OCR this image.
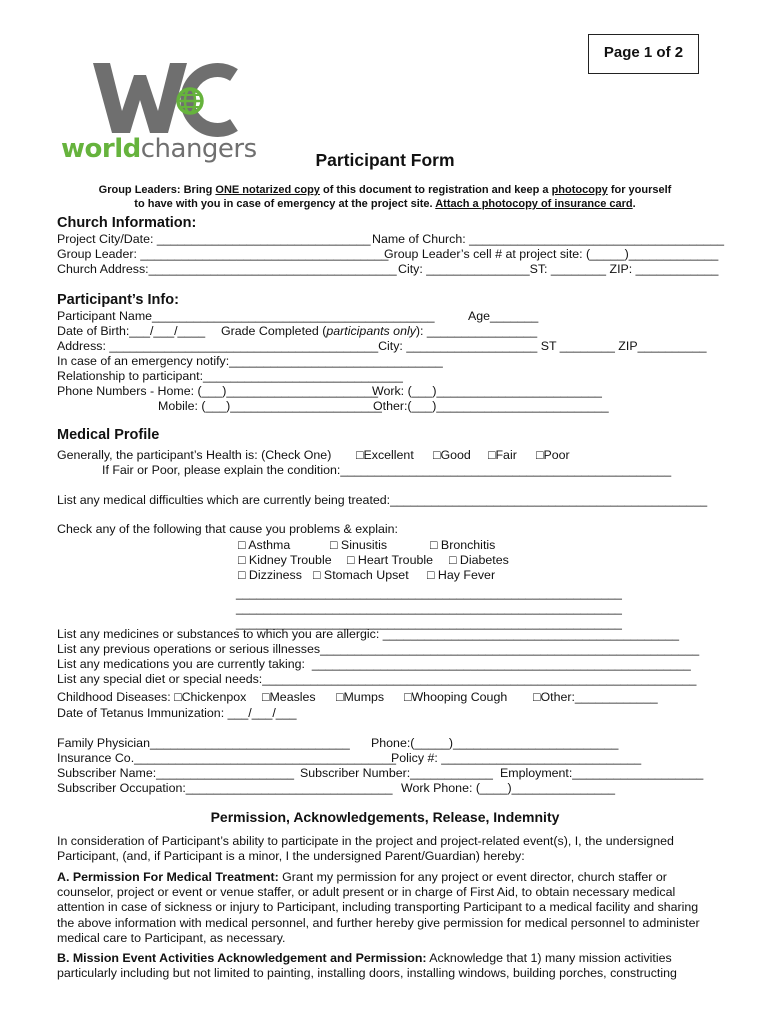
Page 1 of 2
worldchangers	Participant Form
Group Leaders: Bring ONE notarized copy of this document to registration and keep a photocopy for yourself
to have with you in case of emergency at the project site. Attach a photocopy of insurance card.
Church Information:
Project City/Date: _______________________________ Name of Church: _____________________________________
Group Leader: ____________________________________
Group Leader’s cell # at project site: (_____)_____________
Church Address:____________________________________ City: _______________ST: ________ ZIP: ____________
Participant’s Info:
Participant Name_________________________________________	Age_______
Date of Birth:___/___/____ Grade Completed (participants only): ________________
Address: _______________________________________City: ___________________ ST ________ ZIP__________
In case of an emergency notify:_______________________________
Relationship to participant:_____________________________
Phone Numbers - Home: (___)______________________
Work: (___)________________________
Mobile: (___)______________________
Other:(___)_________________________
Medical Profile
Generally, the participant’s Health is: (Check One) □Excellent □Good □Fair □Poor
If Fair or Poor, please explain the condition:________________________________________________
List any medical difficulties which are currently being treated:______________________________________________
Check any of the following that cause you problems & explain:
□ Asthma	□ Sinusitis	□ Bronchitis
□ Kidney Trouble □ Heart Trouble □ Diabetes
□ Dizziness □ Stomach Upset □ Hay Fever
________________________________________________________
________________________________________________________
________________________________________________________
List any medicines or substances to which you are allergic: ___________________________________________
List any previous operations or serious illnesses_______________________________________________________
List any medications you are currently taking:  _______________________________________________________
List any special diet or special needs:_______________________________________________________________
Childhood Diseases: □Chickenpox □Measles □Mumps □Whooping Cough □Other:____________
Date of Tetanus Immunization: ___/___/___
Family Physician_____________________________ Phone:(_____)________________________
Insurance Co.______________________________________
Policy #: _____________________________
Subscriber Name:____________________ Subscriber Number:____________ Employment:___________________
Subscriber Occupation:______________________________ Work Phone: (____)_______________
Permission, Acknowledgements, Release, Indemnity
In consideration of Participant’s ability to participate in the project and project-related event(s), I, the undersigned Participant, (and, if Participant is a minor, I the undersigned Parent/Guardian) hereby:
A. Permission For Medical Treatment: Grant my permission for any project or event director, church staffer or counselor, project or event or venue staffer, or adult present or in charge of First Aid, to obtain necessary medical attention in case of sickness or injury to Participant, including transporting Participant to a medical facility and sharing the above information with medical personnel, and further hereby give permission for medical personnel to administer medical care to Participant, as necessary.
B. Mission Event Activities Acknowledgement and Permission: Acknowledge that 1) many mission activities particularly including but not limited to painting, installing doors, installing windows, building porches, constructing
